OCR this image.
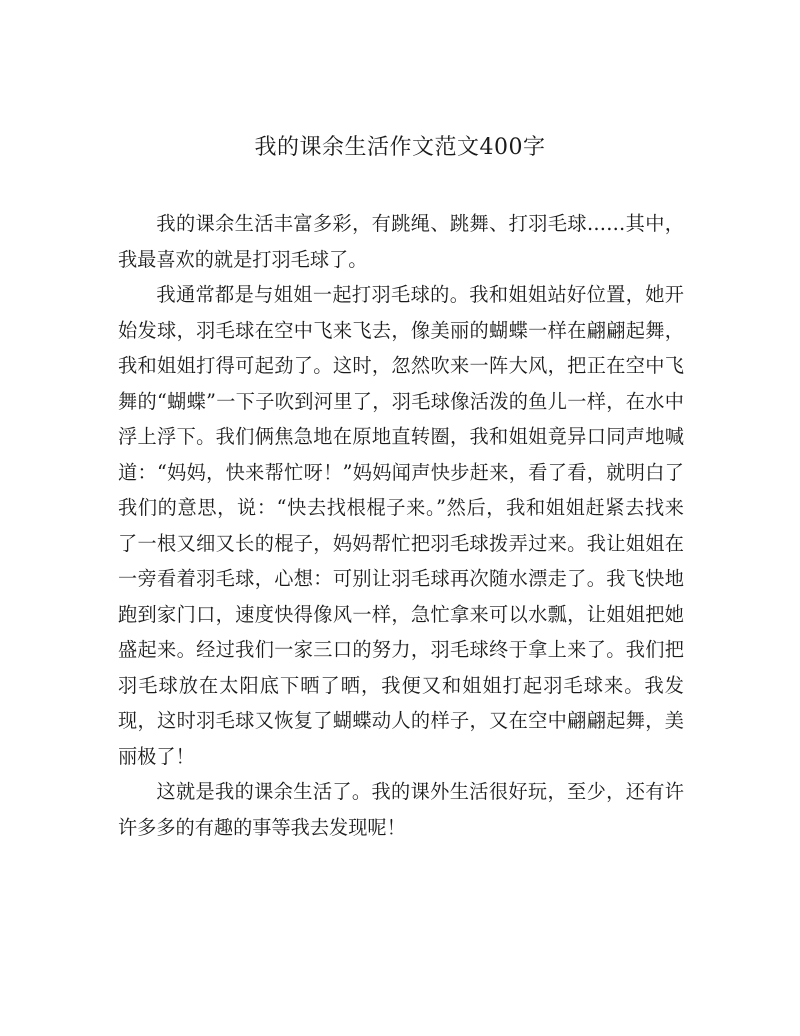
我的课余生活作文范文400字

我的课余生活丰富多彩，有跳绳、跳舞、打羽毛球……其中，我最喜欢的就是打羽毛球了。

我通常都是与姐姐一起打羽毛球的。我和姐姐站好位置，她开始发球，羽毛球在空中飞来飞去，像美丽的蝴蝶一样在翩翩起舞，我和姐姐打得可起劲了。这时，忽然吹来一阵大风，把正在空中飞舞的“蝴蝶”一下子吹到河里了，羽毛球像活泼的鱼儿一样，在水中浮上浮下。我们俩焦急地在原地直转圈，我和姐姐竟异口同声地喊道：“妈妈，快来帮忙呀！”妈妈闻声快步赶来，看了看，就明白了我们的意思，说：“快去找根棍子来。”然后，我和姐姐赶紧去找来了一根又细又长的棍子，妈妈帮忙把羽毛球拨弄过来。我让姐姐在一旁看着羽毛球，心想：可别让羽毛球再次随水漂走了。我飞快地跑到家门口，速度快得像风一样，急忙拿来可以水瓢，让姐姐把她盛起来。经过我们一家三口的努力，羽毛球终于拿上来了。我们把羽毛球放在太阳底下晒了晒，我便又和姐姐打起羽毛球来。我发现，这时羽毛球又恢复了蝴蝶动人的样子，又在空中翩翩起舞，美丽极了！

这就是我的课余生活了。我的课外生活很好玩，至少，还有许许多多的有趣的事等我去发现呢！
